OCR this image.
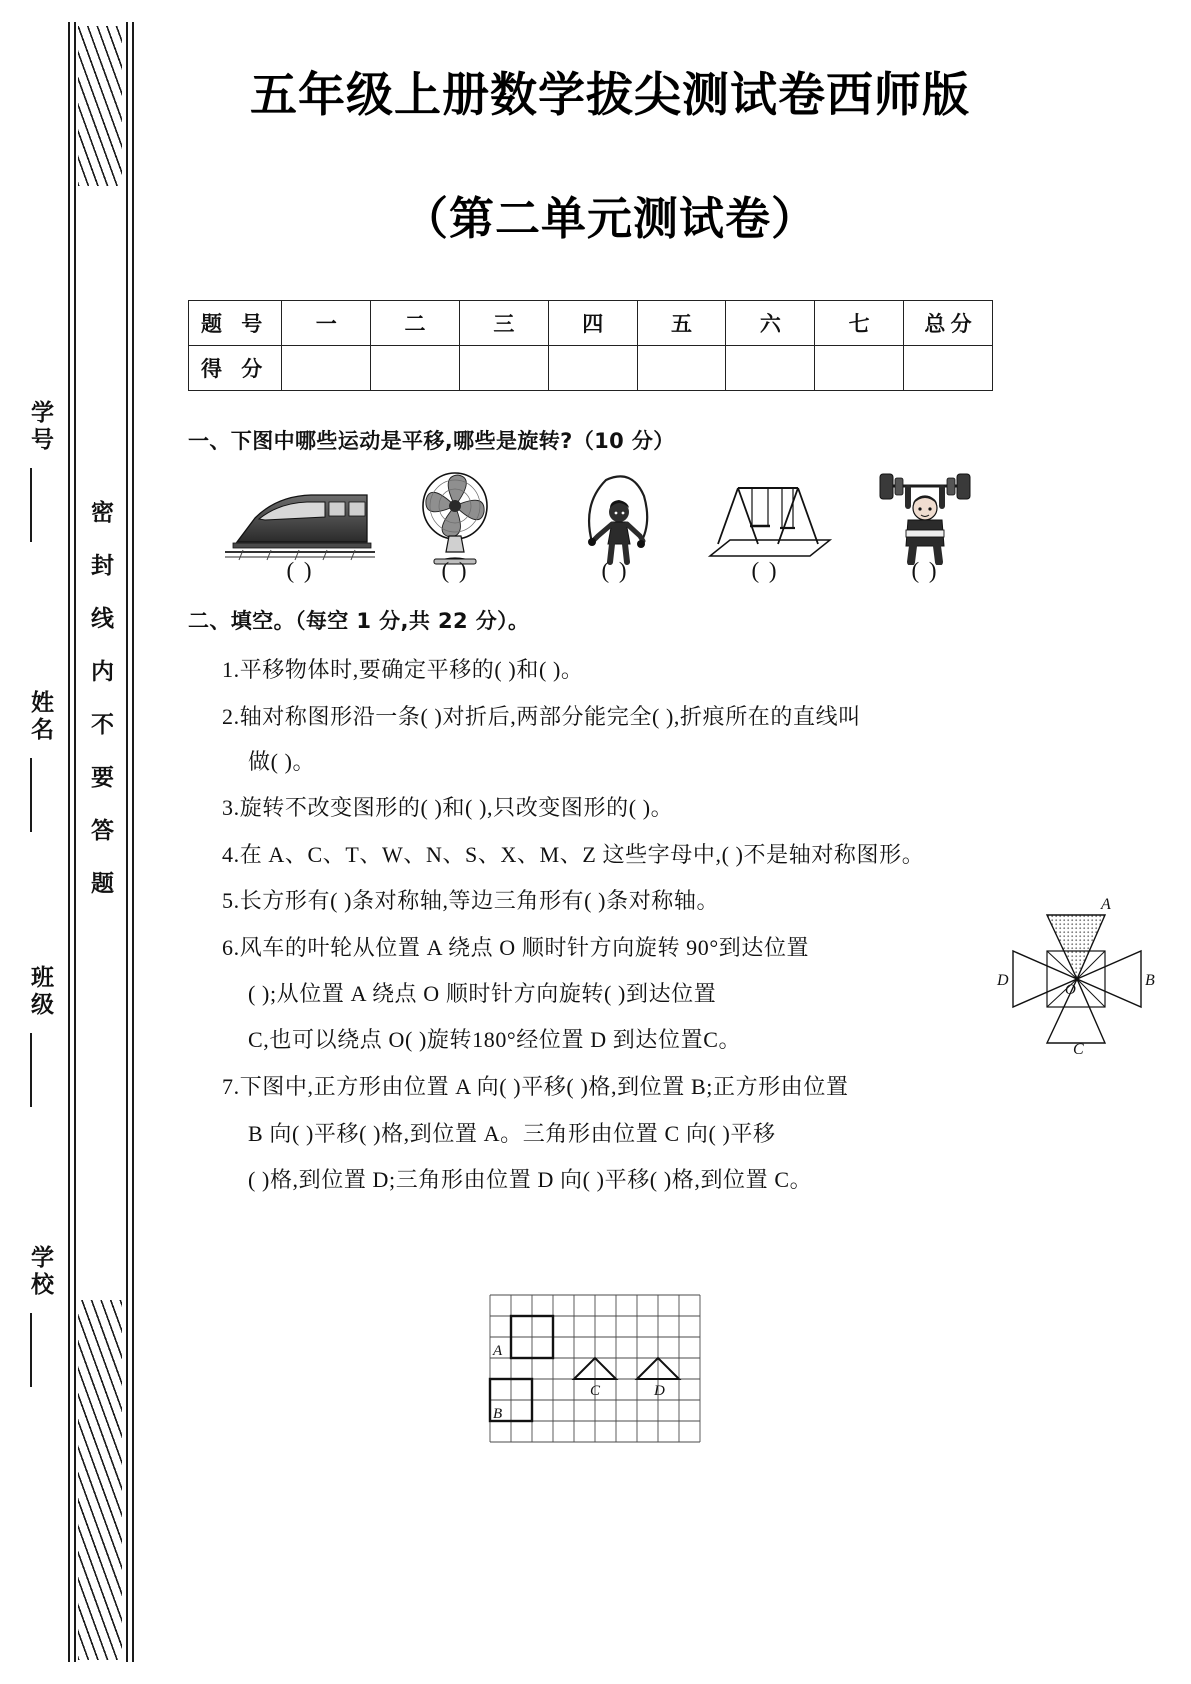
密封线内不要答题
学号
姓名
班级
学校
五年级上册数学拔尖测试卷西师版
（第二单元测试卷）
题 号	一	二	三	四	五	六	七	总 分
得 分								
一、下图中哪些运动是平移,哪些是旋转?（10 分）
( )	( )	( )	( )	( )
二、填空。（每空 1 分,共 22 分）。
1.平移物体时,要确定平移的( )和( )。
2.轴对称图形沿一条( )对折后,两部分能完全( ),折痕所在的直线叫
做( )。
3.旋转不改变图形的( )和( ),只改变图形的( )。
4.在 A、C、T、W、N、S、X、M、Z 这些字母中,( )不是轴对称图形。
5.长方形有( )条对称轴,等边三角形有( )条对称轴。
6.风车的叶轮从位置 A 绕点 O 顺时针方向旋转 90°到达位置
( );从位置 A 绕点 O 顺时针方向旋转( )到达位置
C,也可以绕点 O( )旋转180°经位置 D 到达位置C。
7.下图中,正方形由位置 A 向( )平移( )格,到位置 B;正方形由位置
B 向( )平移( )格,到位置 A。三角形由位置 C 向( )平移
( )格,到位置 D;三角形由位置 D 向( )平移( )格,到位置 C。
A
B
C
D
O
A
B
C	D
